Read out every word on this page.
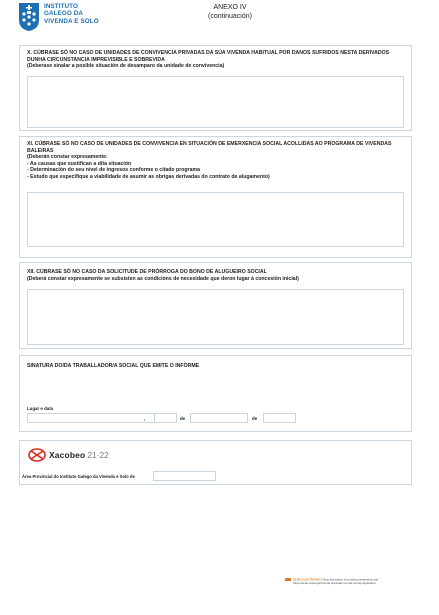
INSTITUTO
GALEGO DA
VIVENDA E SOLO
ANEXO IV
(continuación)
X. CÚBRASE SÓ NO CASO DE UNIDADES DE CONVIVENCIA PRIVADAS DA SÚA VIVENDA HABITUAL POR DANOS SUFRIDOS NESTA DERIVADOS DUNHA CIRCUNSTANCIA IMPREVISIBLE E SOBREVIDA
(Deberase sinalar a posible situación de desamparo da unidade de convivencia)
XI. CÚBRASE SÓ NO CASO DE UNIDADES DE CONVIVENCIA EN SITUACIÓN DE EMERXENCIA SOCIAL ACOLLIDAS AO PROGRAMA DE VIVENDAS BALEIRAS
(Deberán constar expresamente:
- As causas que xustifican a dita situación
- Determinación do seu nivel de ingresos conforme o citado programa
- Estudo que especifique a viabilidade de asumir as obrigas derivadas do contrato de alugamento)
XII. CÚBRASE SÓ NO CASO DA SOLICITUDE DE PRÓRROGA DO BONO DE ALUGUEIRO SOCIAL
(Deberá constar expresamente se subsisten as condicións de necesidade que deron lugar á concesión inicial)
SINATURA DO/DA TRABALLADOR/A SOCIAL QUE EMITE O INFORME
Lugar e data
,	de	de
Xacobeo 21·22
Área Provincial do Instituto Galego da Vivenda e Solo de
SEDE ELECTRÓNICA Este formulario só poderá presentarse nas
https://sede.xunta.gal formas previstas na súa norma reguladora
